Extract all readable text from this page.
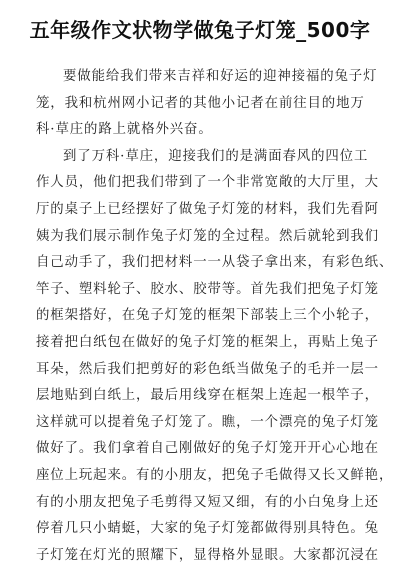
五年级作文状物学做兔子灯笼_500字

要做能给我们带来吉祥和好运的迎神接福的兔子灯
笼，我和杭州网小记者的其他小记者在前往目的地万
科·草庄的路上就格外兴奋。

到了万科·草庄，迎接我们的是满面春风的四位工
作人员，他们把我们带到了一个非常宽敞的大厅里，大
厅的桌子上已经摆好了做兔子灯笼的材料，我们先看阿
姨为我们展示制作兔子灯笼的全过程。然后就轮到我们
自己动手了，我们把材料一一从袋子拿出来，有彩色纸、
竿子、塑料轮子、胶水、胶带等。首先我们把兔子灯笼
的框架搭好，在兔子灯笼的框架下部装上三个小轮子，
接着把白纸包在做好的兔子灯笼的框架上，再贴上兔子
耳朵，然后我们把剪好的彩色纸当做兔子的毛并一层一
层地贴到白纸上，最后用线穿在框架上连起一根竿子，
这样就可以提着兔子灯笼了。瞧，一个漂亮的兔子灯笼
做好了。我们拿着自己刚做好的兔子灯笼开开心心地在
座位上玩起来。有的小朋友，把兔子毛做得又长又鲜艳，
有的小朋友把兔子毛剪得又短又细，有的小白兔身上还
停着几只小蜻蜓，大家的兔子灯笼都做得别具特色。兔
子灯笼在灯光的照耀下，显得格外显眼。大家都沉浸在
